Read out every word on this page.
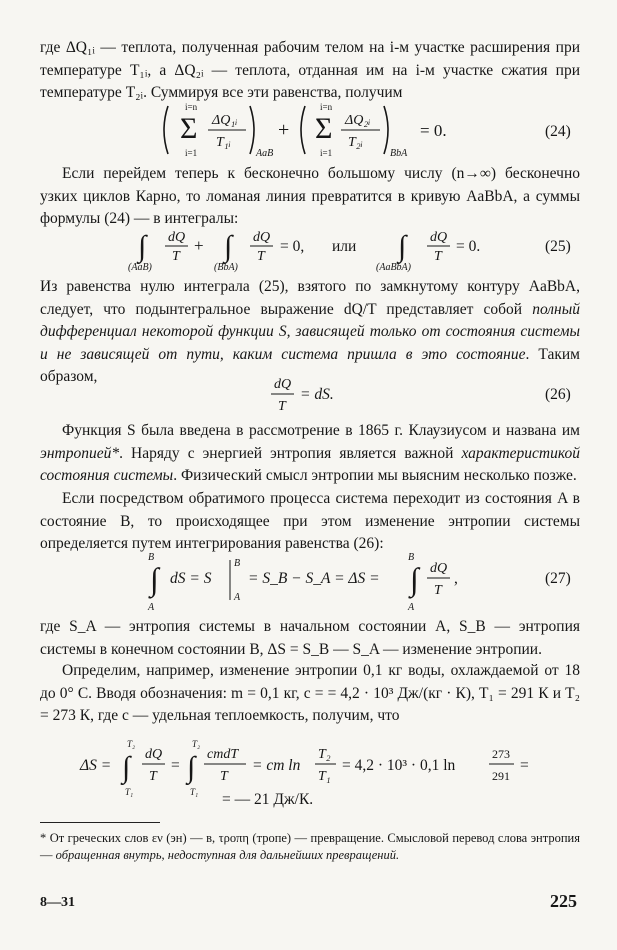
где ΔQ₁ᵢ — теплота, полученная рабочим телом на i-м участке расширения при температуре T₁ᵢ, а ΔQ₂ᵢ — теплота, отданная им на i-м участке сжатия при температуре T₂ᵢ. Суммируя все эти равенства, получим

i=n
Σ
i=1
ΔQ₁ᵢ
T₁ᵢ
AaB
+
i=n
Σ
i=1
ΔQ₂ᵢ
T₂ᵢ
BbA
= 0.	(24)

Если перейдем теперь к бесконечно большому числу (n→∞) бесконечно узких циклов Карно, то ломаная линия превратится в кривую AaBbA, а суммы формулы (24) — в интегралы:

∫
(AaB)
dQ
T
+ ∫
(BbA)
dQ
T
= 0, или ∫
(AaBbA)
dQ
T
= 0.	(25)

Из равенства нулю интеграла (25), взятого по замкнутому контуру AaBbA, следует, что подынтегральное выражение dQ/T представляет собой полный дифференциал некоторой функции S, зависящей только от состояния системы и не зависящей от пути, каким система пришла в это состояние. Таким образом,	dQ
T
= dS.	(26)

Функция S была введена в рассмотрение в 1865 г. Клаузиусом и названа им энтропией*. Наряду с энергией энтропия является важной характеристикой состояния системы. Физический смысл энтропии мы выясним несколько позже.

Если посредством обратимого процесса система переходит из состояния A в состояние B, то происходящее при этом изменение энтропии системы определяется путем интегрирования равенства (26):

B
∫
A
dS = S
B
A
= S_B − S_A = ΔS =
B
∫
A
dQ
T
,	(27)

где S_A — энтропия системы в начальном состоянии A, S_B — энтропия системы в конечном состоянии B, ΔS = S_B — S_A — изменение энтропии.

Определим, например, изменение энтропии 0,1 кг воды, охлаждаемой от 18 до 0° С. Вводя обозначения: m = 0,1 кг, c = = 4,2 · 10³ Дж/(кг · К), T₁ = 291 К и T₂ = 273 К, где c — удельная теплоемкость, получим, что

ΔS =
T₂
∫
T₁
dQ
T
=
T₂
∫
T₁
cmdT
T
= cm ln
T₂
T₁
= 4,2 · 10³ · 0,1 ln
273
291
=
= — 21 Дж/К.

* От греческих слов εν (эн) — в, τροπη (тропе) — превращение. Смысловой перевод слова энтропия — обращенная внутрь, недоступная для дальнейших превращений.

8—31	225
